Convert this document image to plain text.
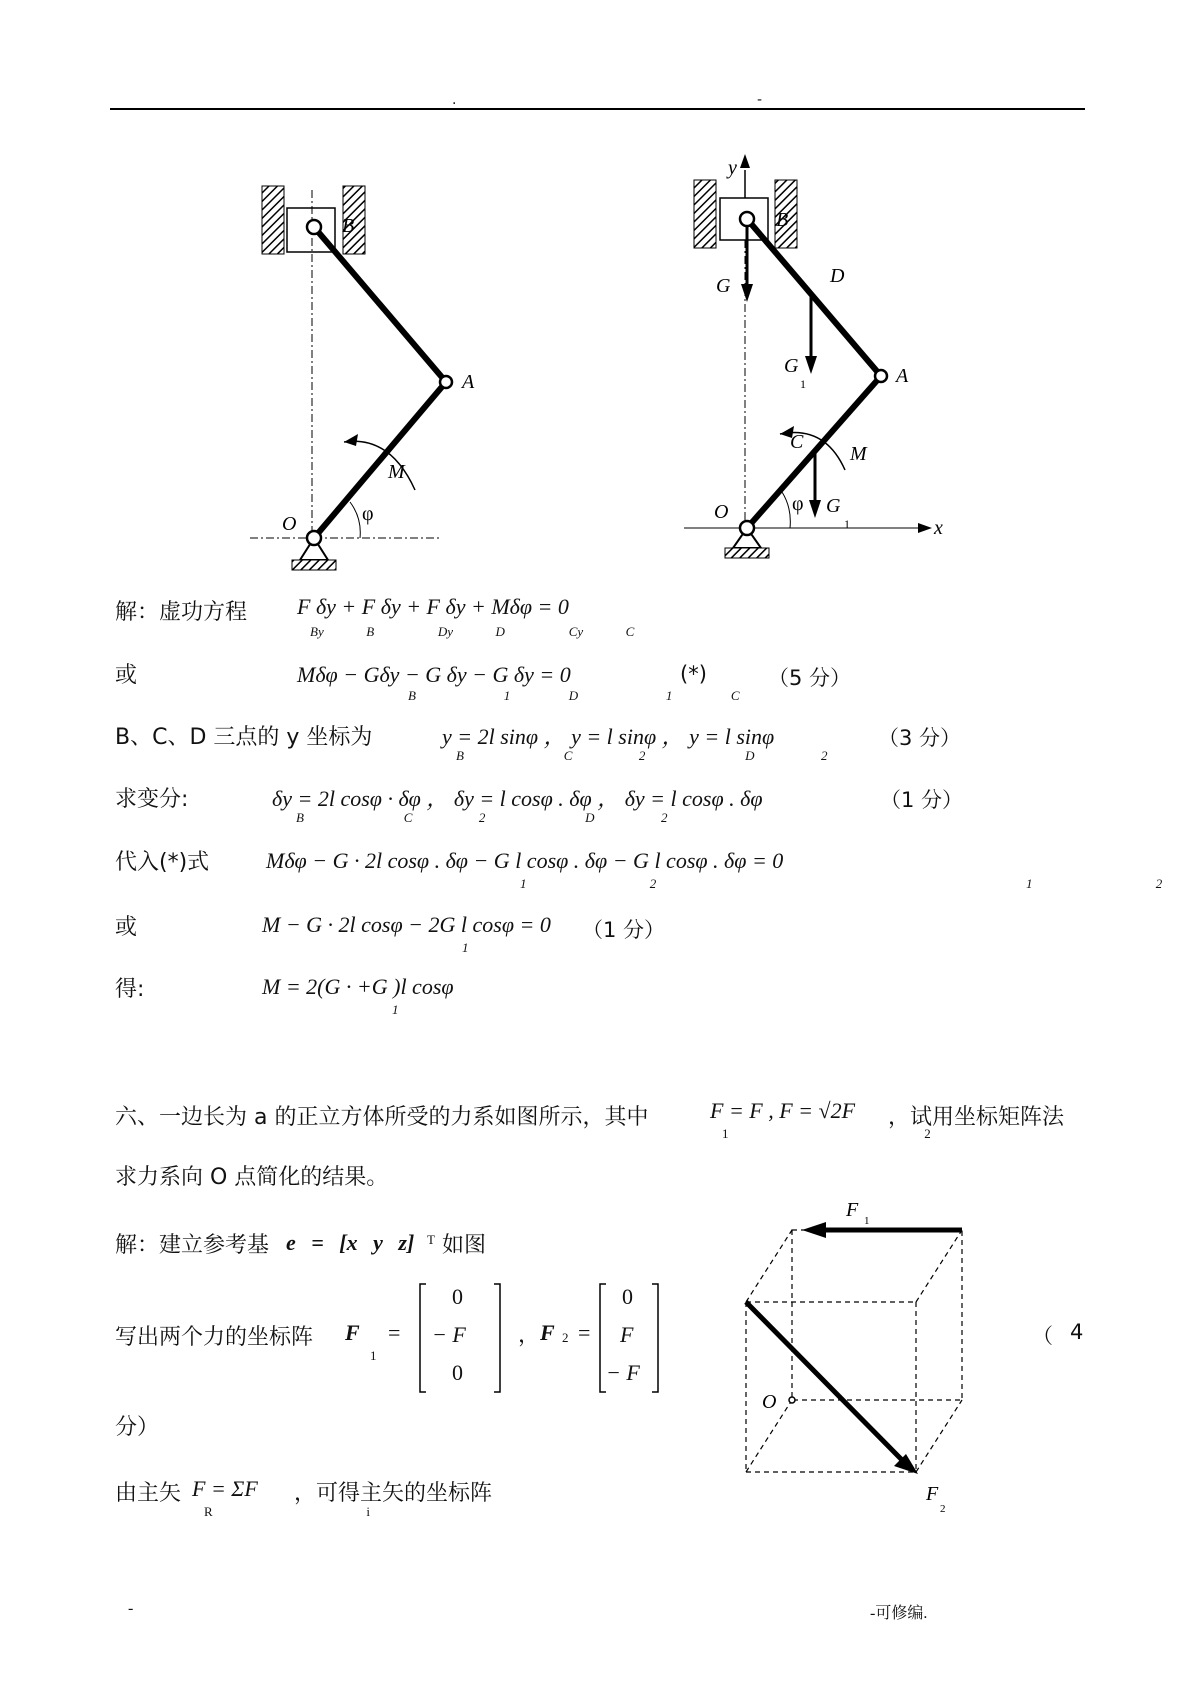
.	-
B
A
M
O	φ
y
B
G	D
G
1	A
C
M
O	φ G
1	x
解：虚功方程 F δy + F δy + F δy + Mδφ = 0
By  B   Dy  D   Cy  C
或	Mδφ − Gδy − G δy − G δy = 0
B   1  D   1  C
(*)	（5 分）
B、C、D 三点的 y 坐标为	y = 2l sinφ ， y = l sinφ ， y = l sinφ
B   C  2   D  2
（3 分）
求变分:	δy = 2l cosφ · δφ ， δy = l cosφ . δφ ， δy = l cosφ . δφ
B   C  2   D  2
（1 分）
代入(*)式	Mδφ − G · 2l cosφ . δφ − G l cosφ . δφ − G l cosφ . δφ = 0
1 2   1 2
或	M − G · 2l cosφ − 2G l cosφ = 0
1
（1 分）
得:	M = 2(G · +G )l cosφ
1
六、一边长为 a 的正立方体所受的力系如图所示，其中	F = F , F = √2F
1   2
，试用坐标矩阵法
求力系向 O 点简化的结果。
解：建立参考基 e = [x y z] T 如图
写出两个力的坐标阵 F
1
=
0
− F
0
， F 2 =
0
F
− F
（ 4
分）
由主矢 F = ΣF
R   i
，可得主矢的坐标阵
F 1
O
F
2
-	-可修编.
